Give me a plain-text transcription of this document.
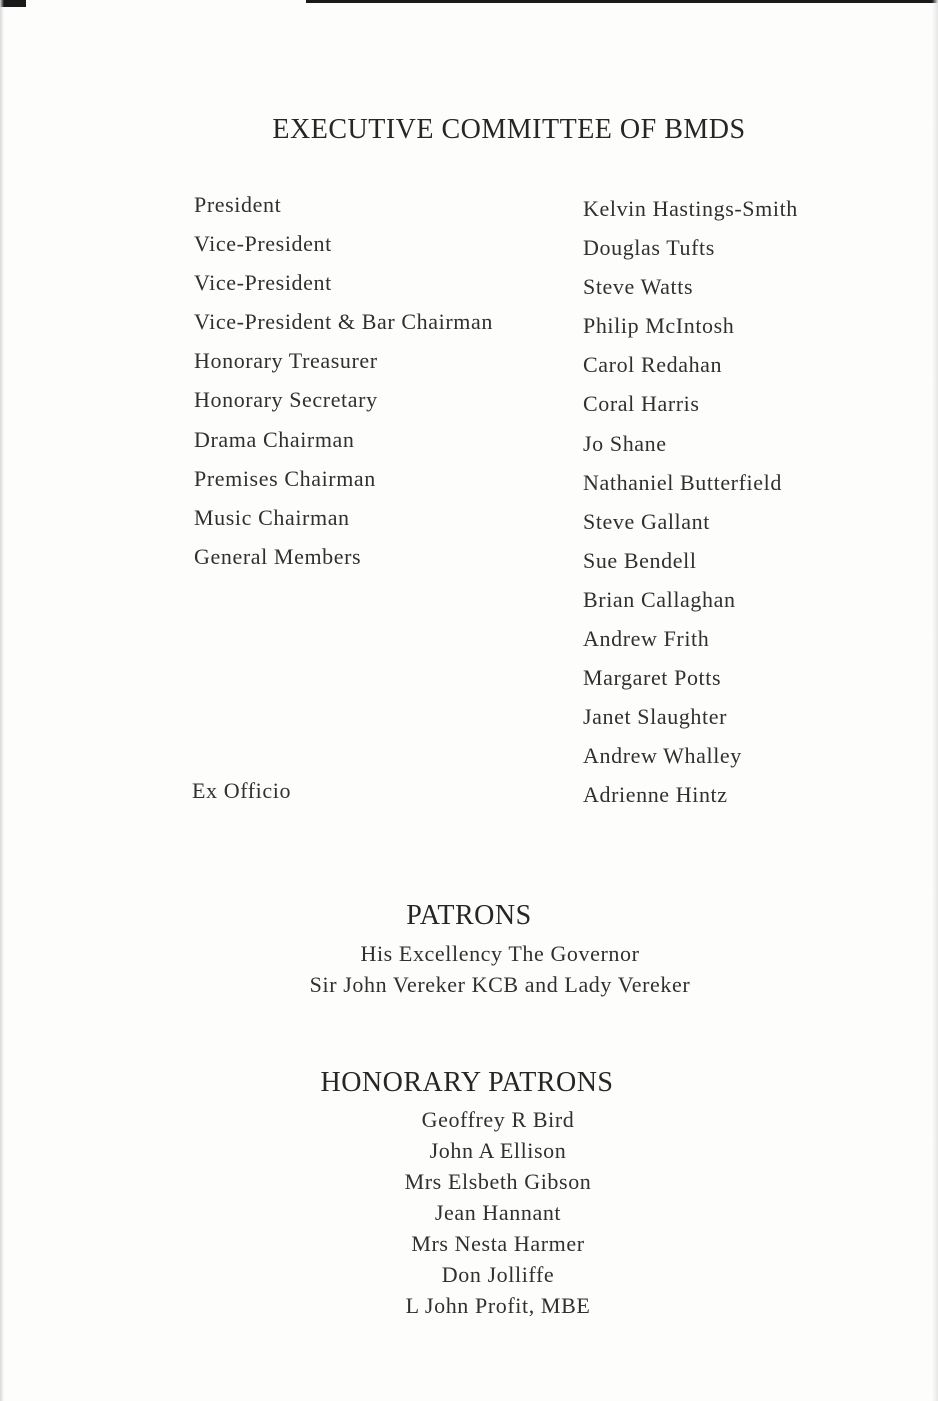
EXECUTIVE COMMITTEE OF BMDS
President
Vice-President
Vice-President
Vice-President & Bar Chairman
Honorary Treasurer
Honorary Secretary
Drama Chairman
Premises Chairman
Music Chairman
General Members
Ex Officio
Kelvin Hastings-Smith
Douglas Tufts
Steve Watts
Philip McIntosh
Carol Redahan
Coral Harris
Jo Shane
Nathaniel Butterfield
Steve Gallant
Sue Bendell
Brian Callaghan
Andrew Frith
Margaret Potts
Janet Slaughter
Andrew Whalley
Adrienne Hintz
PATRONS
His Excellency The Governor
Sir John Vereker KCB and Lady Vereker
HONORARY PATRONS
Geoffrey R Bird
John A Ellison
Mrs Elsbeth Gibson
Jean Hannant
Mrs Nesta Harmer
Don Jolliffe
L John Profit, MBE
